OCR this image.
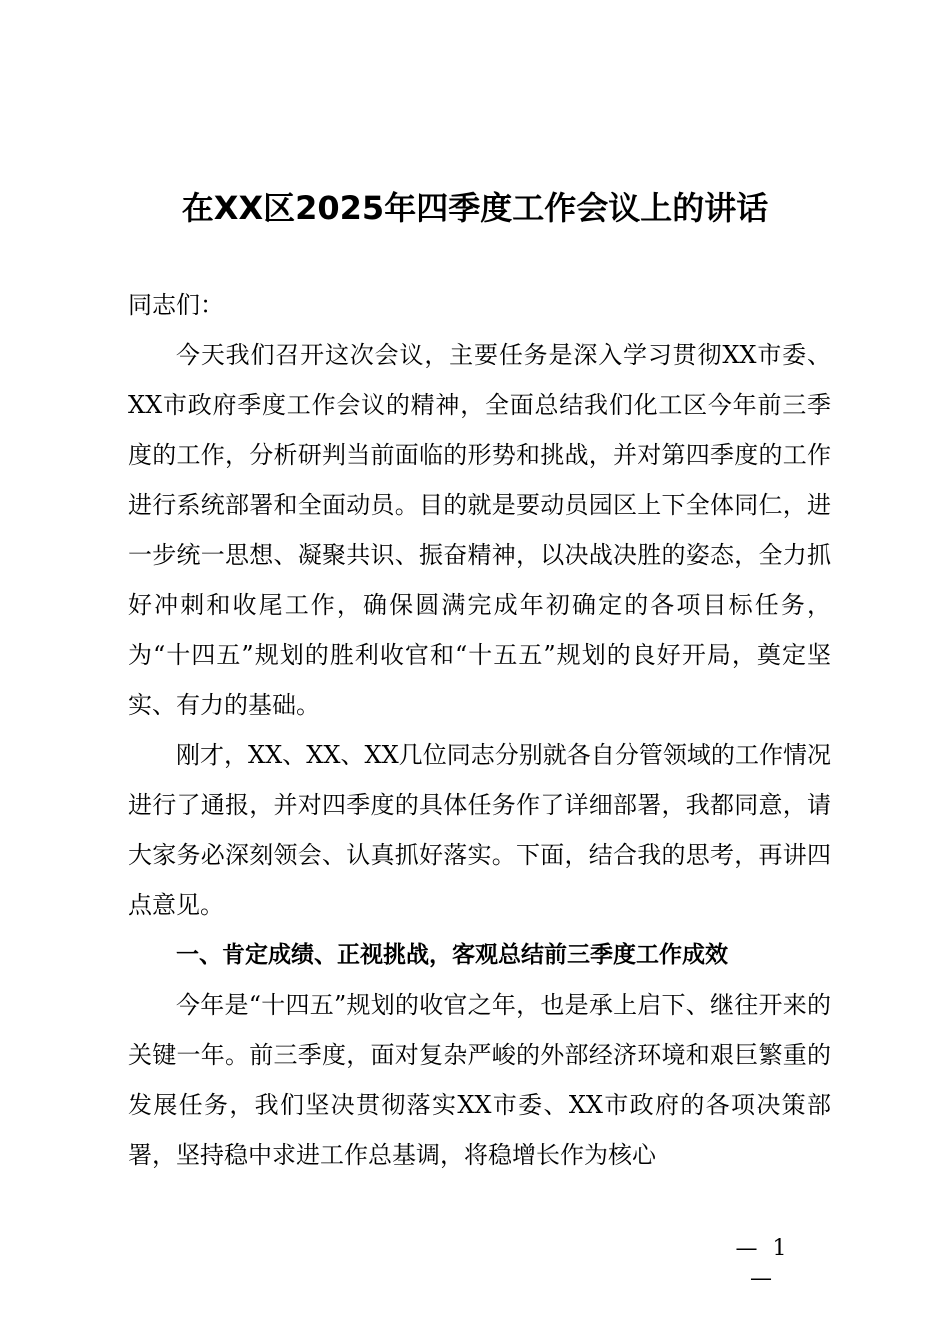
在XX区2025年四季度工作会议上的讲话

同志们：

今天我们召开这次会议，主要任务是深入学习贯彻XX市委、XX市政府季度工作会议的精神，全面总结我们化工区今年前三季度的工作，分析研判当前面临的形势和挑战，并对第四季度的工作进行系统部署和全面动员。目的就是要动员园区上下全体同仁，进一步统一思想、凝聚共识、振奋精神，以决战决胜的姿态，全力抓好冲刺和收尾工作，确保圆满完成年初确定的各项目标任务，为“十四五”规划的胜利收官和“十五五”规划的良好开局，奠定坚实、有力的基础。

刚才，XX、XX、XX几位同志分别就各自分管领域的工作情况进行了通报，并对四季度的具体任务作了详细部署，我都同意，请大家务必深刻领会、认真抓好落实。下面，结合我的思考，再讲四点意见。

一、肯定成绩、正视挑战，客观总结前三季度工作成效

今年是“十四五”规划的收官之年，也是承上启下、继往开来的关键一年。前三季度，面对复杂严峻的外部经济环境和艰巨繁重的发展任务，我们坚决贯彻落实XX市委、XX市政府的各项决策部署，坚持稳中求进工作总基调，将稳增长作为核心

— 1 —
